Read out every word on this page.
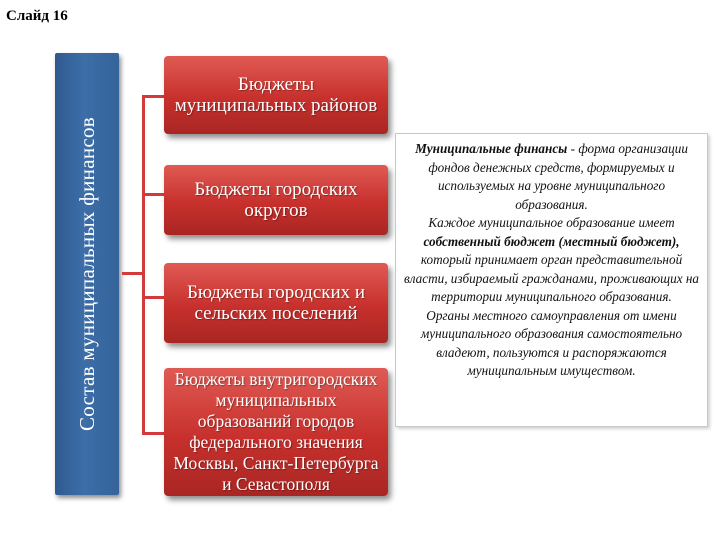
Слайд 16
Состав муниципальных финансов
Бюджеты муниципальных районов
Бюджеты городских округов
Бюджеты городских и сельских поселений
Бюджеты внутригородских муниципальных образований городов федерального значения Москвы, Санкт-Петербурга и Севастополя
Муниципальные финансы - форма организации фондов денежных средств, формируемых и используемых на уровне муниципального образования.
Каждое муниципальное образование имеет собственный бюджет (местный бюджет), который принимает орган представительной власти, избираемый гражданами, проживающих на территории муниципального образования.
Органы местного самоуправления от имени муниципального образования самостоятельно владеют, пользуются и распоряжаются муниципальным имуществом.
